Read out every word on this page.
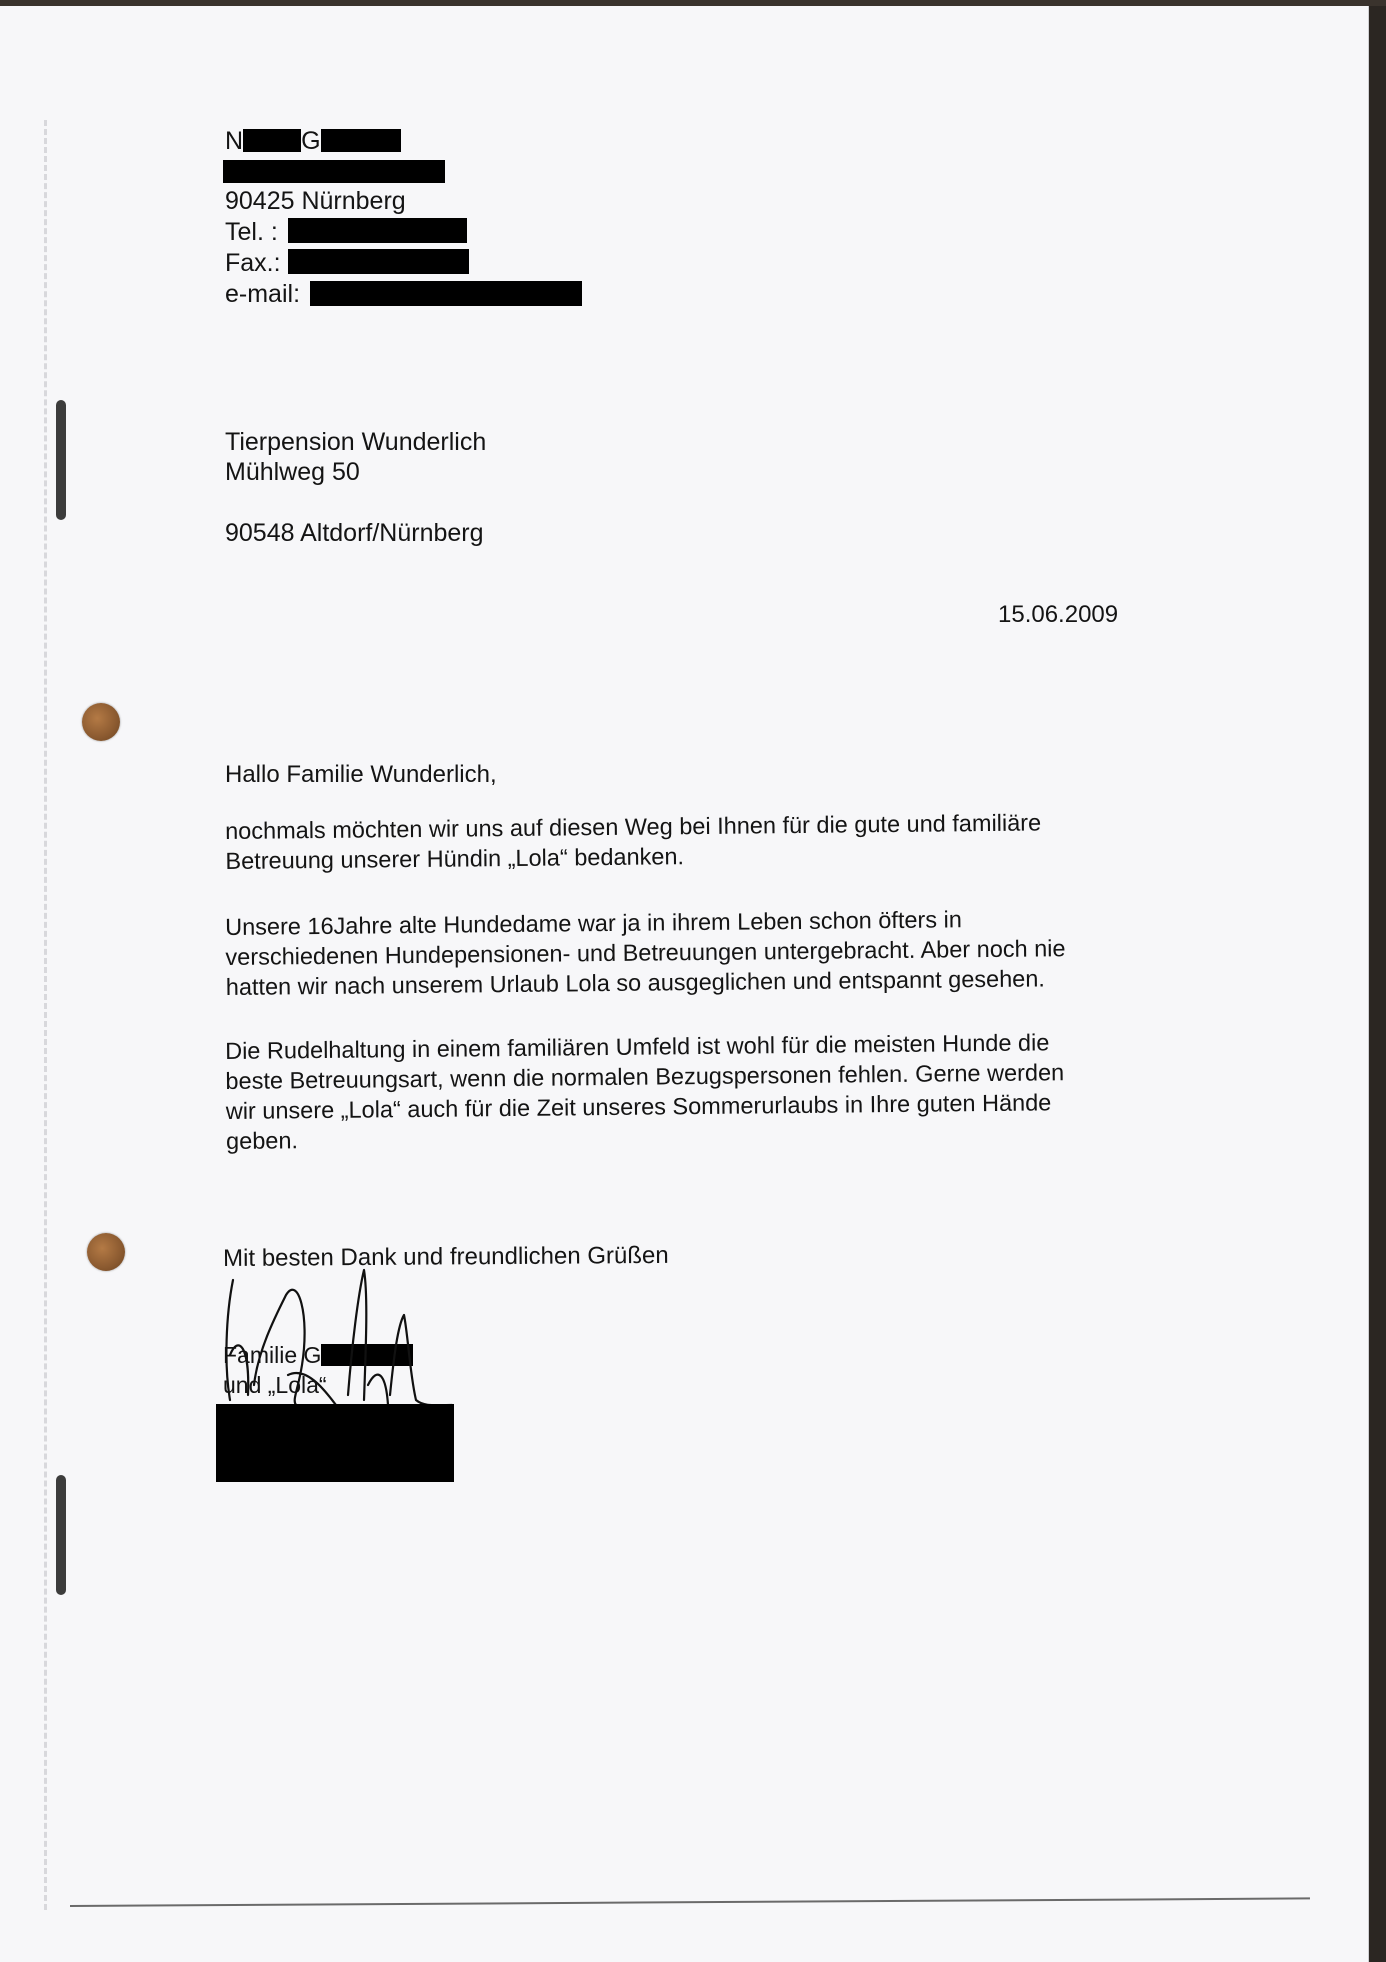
N G
90425 Nürnberg
Tel. :
Fax.:
e-mail:
Tierpension Wunderlich
Mühlweg 50
90548 Altdorf/Nürnberg
15.06.2009
Hallo Familie Wunderlich,
nochmals möchten wir uns auf diesen Weg bei Ihnen für die gute und familiäre
Betreuung unserer Hündin „Lola“ bedanken.
Unsere 16Jahre alte Hundedame war ja in ihrem Leben schon öfters in
verschiedenen Hundepensionen- und Betreuungen untergebracht. Aber noch nie
hatten wir nach unserem Urlaub Lola so ausgeglichen und entspannt gesehen.
Die Rudelhaltung in einem familiären Umfeld ist wohl für die meisten Hunde die
beste Betreuungsart, wenn die normalen Bezugspersonen fehlen. Gerne werden
wir unsere „Lola“ auch für die Zeit unseres Sommerurlaubs in Ihre guten Hände
geben.
Mit besten Dank und freundlichen Grüßen
Familie G
und „Lola“
